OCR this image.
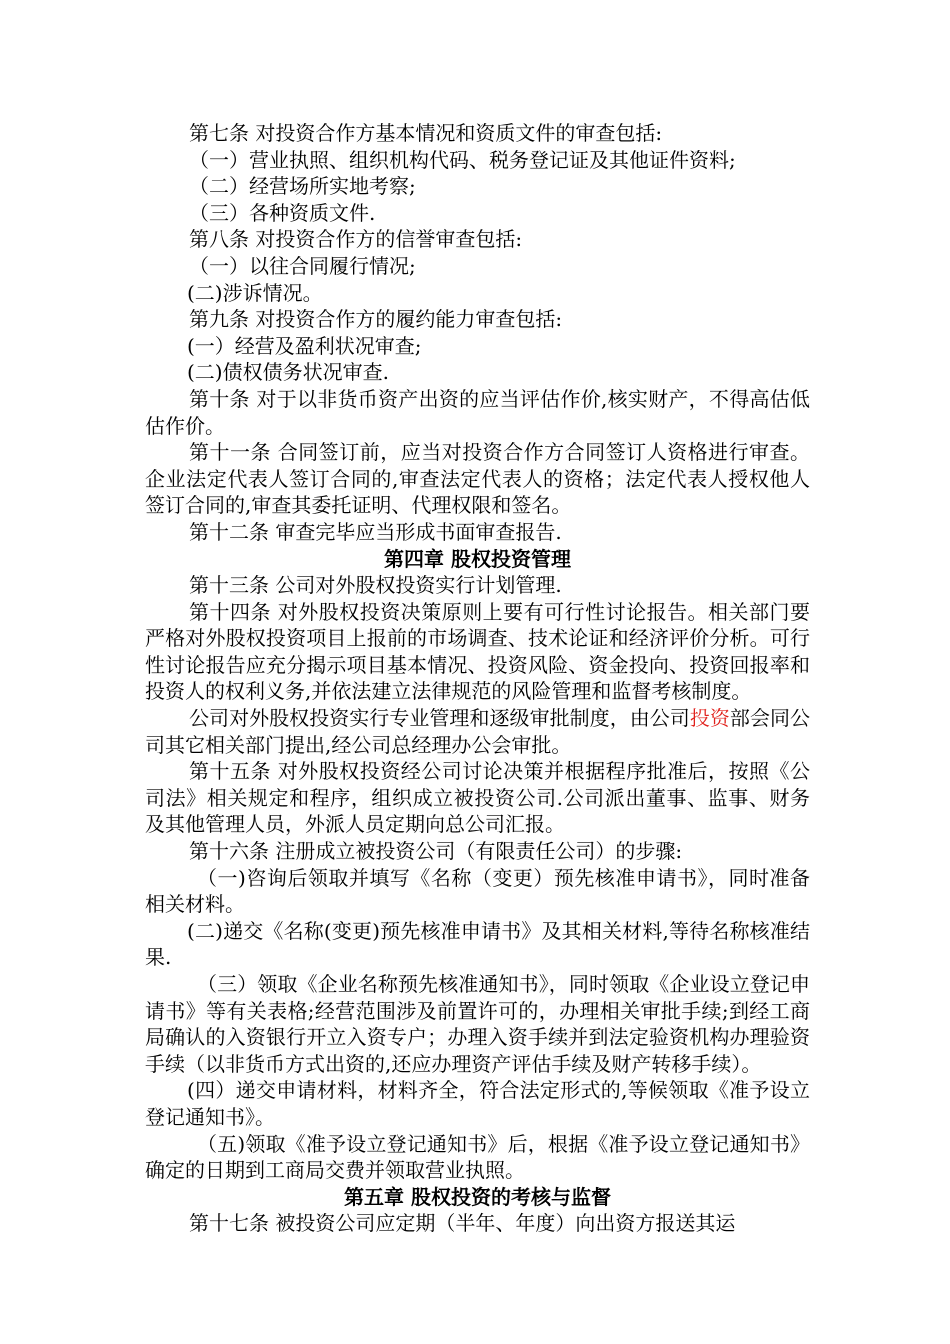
第七条 对投资合作方基本情况和资质文件的审查包括:

（一）营业执照、组织机构代码、税务登记证及其他证件资料;

（二）经营场所实地考察;

（三）各种资质文件.

第八条 对投资合作方的信誉审查包括:

（一）以往合同履行情况;

(二)涉诉情况。

第九条 对投资合作方的履约能力审查包括:

(一）经营及盈利状况审查;

(二)债权债务状况审查.

第十条 对于以非货币资产出资的应当评估作价,核实财产，不得高估低估作价。

第十一条 合同签订前，应当对投资合作方合同签订人资格进行审查。企业法定代表人签订合同的,审查法定代表人的资格；法定代表人授权他人签订合同的,审查其委托证明、代理权限和签名。

第十二条 审查完毕应当形成书面审查报告.

第四章 股权投资管理

第十三条 公司对外股权投资实行计划管理.

第十四条 对外股权投资决策原则上要有可行性讨论报告。相关部门要严格对外股权投资项目上报前的市场调查、技术论证和经济评价分析。可行性讨论报告应充分揭示项目基本情况、投资风险、资金投向、投资回报率和投资人的权利义务,并依法建立法律规范的风险管理和监督考核制度。

公司对外股权投资实行专业管理和逐级审批制度，由公司投资部会同公司其它相关部门提出,经公司总经理办公会审批。

第十五条 对外股权投资经公司讨论决策并根据程序批准后，按照《公司法》相关规定和程序，组织成立被投资公司.公司派出董事、监事、财务及其他管理人员，外派人员定期向总公司汇报。

第十六条 注册成立被投资公司（有限责任公司）的步骤:

（一)咨询后领取并填写《名称（变更）预先核准申请书》，同时准备相关材料。

(二)递交《名称(变更)预先核准申请书》及其相关材料,等待名称核准结果.

（三）领取《企业名称预先核准通知书》，同时领取《企业设立登记申请书》等有关表格;经营范围涉及前置许可的，办理相关审批手续;到经工商局确认的入资银行开立入资专户；办理入资手续并到法定验资机构办理验资手续（以非货币方式出资的,还应办理资产评估手续及财产转移手续）。

(四）递交申请材料，材料齐全，符合法定形式的,等候领取《准予设立登记通知书》。

（五)领取《准予设立登记通知书》后，根据《准予设立登记通知书》确定的日期到工商局交费并领取营业执照。

第五章 股权投资的考核与监督

第十七条 被投资公司应定期（半年、年度）向出资方报送其运
